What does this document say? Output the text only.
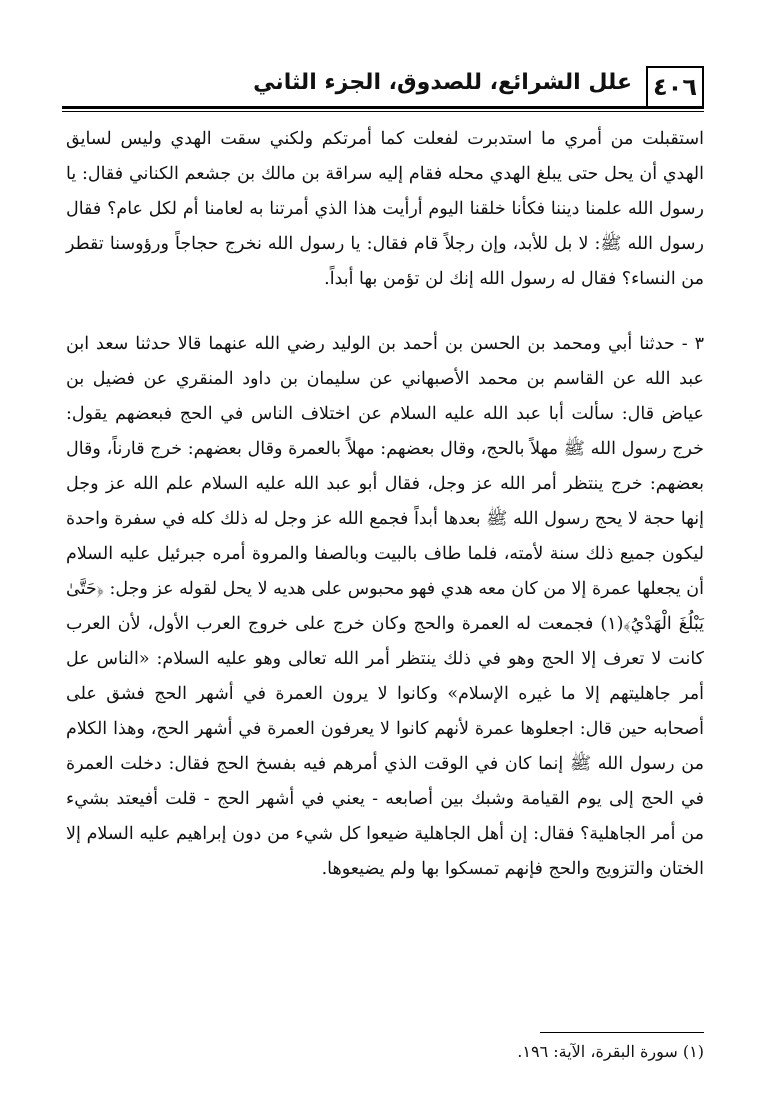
٤٠٦
علل الشرائع، للصدوق، الجزء الثاني

استقبلت من أمري ما استدبرت لفعلت كما أمرتكم ولكني سقت الهدي وليس لسايق الهدي أن يحل حتى يبلغ الهدي محله فقام إليه سراقة بن مالك بن جشعم الكناني فقال: يا رسول الله علمنا ديننا فكأنا خلقنا اليوم أرأيت هذا الذي أمرتنا به لعامنا أم لكل عام؟ فقال رسول الله ﷺ: لا بل للأبد، وإن رجلاً قام فقال: يا رسول الله نخرج حجاجاً ورؤوسنا تقطر من النساء؟ فقال له رسول الله إنك لن تؤمن بها أبداً.

٣ - حدثنا أبي ومحمد بن الحسن بن أحمد بن الوليد رضي الله عنهما قالا حدثنا سعد ابن عبد الله عن القاسم بن محمد الأصبهاني عن سليمان بن داود المنقري عن فضيل بن عياض قال: سألت أبا عبد الله عليه السلام عن اختلاف الناس في الحج فبعضهم يقول: خرج رسول الله ﷺ مهلاً بالحج، وقال بعضهم: مهلاً بالعمرة وقال بعضهم: خرج قارناً، وقال بعضهم: خرج ينتظر أمر الله عز وجل، فقال أبو عبد الله عليه السلام علم الله عز وجل إنها حجة لا يحج رسول الله ﷺ بعدها أبداً فجمع الله عز وجل له ذلك كله في سفرة واحدة ليكون جميع ذلك سنة لأمته، فلما طاف بالبيت وبالصفا والمروة أمره جبرئيل عليه السلام أن يجعلها عمرة إلا من كان معه هدي فهو محبوس على هديه لا يحل لقوله عز وجل: ﴿حَتَّىٰ يَبْلُغَ الْهَدْيُ﴾(١) فجمعت له العمرة والحج وكان خرج على خروج العرب الأول، لأن العرب كانت لا تعرف إلا الحج وهو في ذلك ينتظر أمر الله تعالى وهو عليه السلام: «الناس عل أمر جاهليتهم إلا ما غيره الإسلام» وكانوا لا يرون العمرة في أشهر الحج فشق على أصحابه حين قال: اجعلوها عمرة لأنهم كانوا لا يعرفون العمرة في أشهر الحج، وهذا الكلام من رسول الله ﷺ إنما كان في الوقت الذي أمرهم فيه بفسخ الحج فقال: دخلت العمرة في الحج إلى يوم القيامة وشبك بين أصابعه - يعني في أشهر الحج - قلت أفيعتد بشيء من أمر الجاهلية؟ فقال: إن أهل الجاهلية ضيعوا كل شيء من دون إبراهيم عليه السلام إلا الختان والتزويج والحج فإنهم تمسكوا بها ولم يضيعوها.

(١) سورة البقرة، الآية: ١٩٦.
